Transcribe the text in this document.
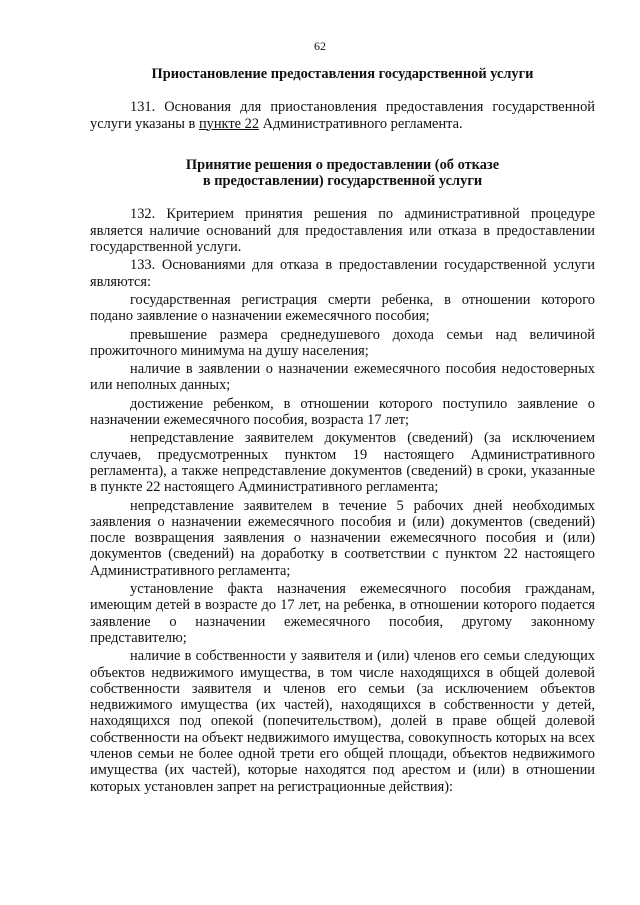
62
Приостановление предоставления государственной услуги

131. Основания для приостановления предоставления государственной услуги указаны в пункте 22 Административного регламента.

Принятие решения о предоставлении (об отказе
в предоставлении) государственной услуги

132. Критерием принятия решения по административной процедуре является наличие оснований для предоставления или отказа в предоставлении государственной услуги.

133. Основаниями для отказа в предоставлении государственной услуги являются:

государственная регистрация смерти ребенка, в отношении которого подано заявление о назначении ежемесячного пособия;

превышение размера среднедушевого дохода семьи над величиной прожиточного минимума на душу населения;

наличие в заявлении о назначении ежемесячного пособия недостоверных или неполных данных;

достижение ребенком, в отношении которого поступило заявление о назначении ежемесячного пособия, возраста 17 лет;

непредставление заявителем документов (сведений) (за исключением случаев, предусмотренных пунктом 19 настоящего Административного регламента), а также непредставление документов (сведений) в сроки, указанные в пункте 22 настоящего Административного регламента;

непредставление заявителем в течение 5 рабочих дней необходимых заявления о назначении ежемесячного пособия и (или) документов (сведений) после возвращения заявления о назначении ежемесячного пособия и (или) документов (сведений) на доработку в соответствии с пунктом 22 настоящего Административного регламента;

установление факта назначения ежемесячного пособия гражданам, имеющим детей в возрасте до 17 лет, на ребенка, в отношении которого подается заявление о назначении ежемесячного пособия, другому законному представителю;

наличие в собственности у заявителя и (или) членов его семьи следующих объектов недвижимого имущества, в том числе находящихся в общей долевой собственности заявителя и членов его семьи (за исключением объектов недвижимого имущества (их частей), находящихся в собственности у детей, находящихся под опекой (попечительством), долей в праве общей долевой собственности на объект недвижимого имущества, совокупность которых на всех членов семьи не более одной трети его общей площади, объектов недвижимого имущества (их частей), которые находятся под арестом и (или) в отношении которых установлен запрет на регистрационные действия):
